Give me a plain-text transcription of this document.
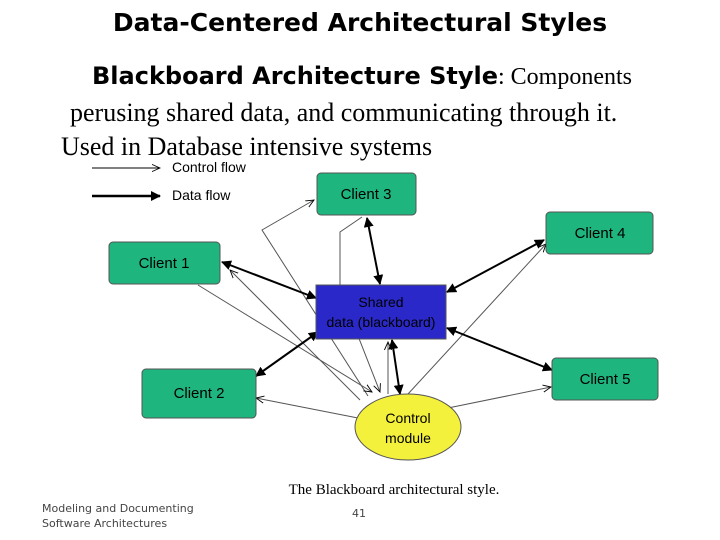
Data-Centered Architectural Styles
Blackboard Architecture Style: Components
perusing shared data, and communicating through it.
Used in Database intensive systems
Control flow
Data flow	Client 3
Client 1
Client 4
Client 2
Client 5
Shared
data (blackboard)
Control
module
The Blackboard architectural style.
Modeling and Documenting
Software Architectures
41
